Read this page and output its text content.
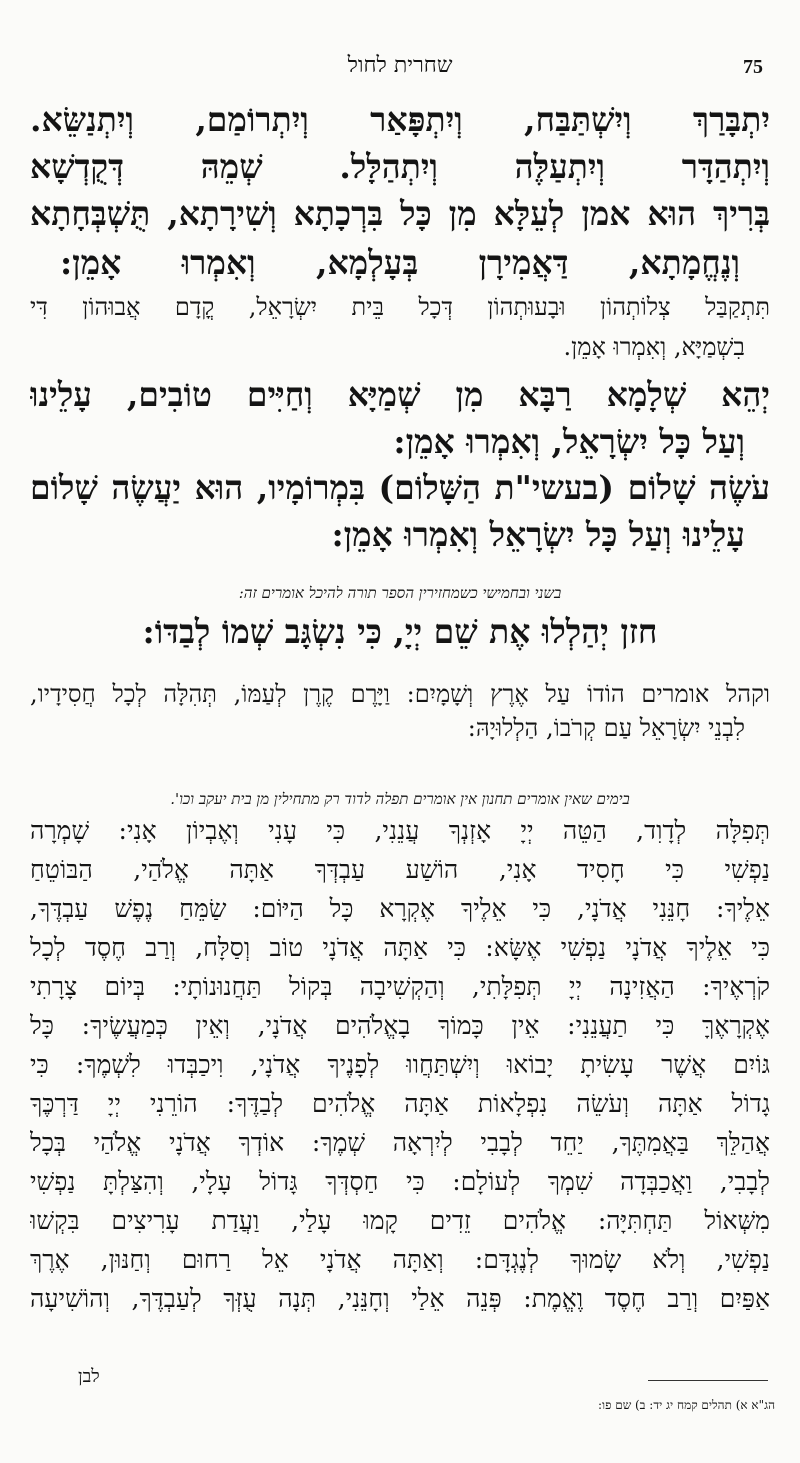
75
שחרית לחול
יִתְבָּרַךְ וְיִשְׁתַּבַּח, וְיִתְפָּאַר וְיִתְרוֹמַם, וְיִתְנַשֵּׂא.
וְיִתְהַדָּר וְיִתְעַלֶּה וְיִתְהַלָּל. שְׁמֵהּ דְּקֻדְשָׁא
בְּרִיךְ הוּא אמן לְעֵלָּא מִן כָּל בִּרְכָתָא וְשִׁירָתָא, תֻּשְׁבְּחָתָא
וְנֶחֱמָתָא, דַּאֲמִירָן בְּעָלְמָא, וְאִמְרוּ אָמֵן:
תִּתְקַבַּל צְלוֹתְהוֹן וּבָעוּתְהוֹן דְּכָל בֵּית יִשְׂרָאֵל, קֳדָם אֲבוּהוֹן דִּי
בִשְׁמַיָּא, וְאִמְרוּ אָמֵן.
יְהֵא שְׁלָמָא רַבָּא מִן שְׁמַיָּא וְחַיִּים טוֹבִים, עָלֵינוּ
וְעַל כָּל יִשְׂרָאֵל, וְאִמְרוּ אָמֵן:
עֹשֶׂה שָׁלוֹם (בעשי"ת הַשָּׁלוֹם) בִּמְרוֹמָיו, הוּא יַעֲשֶׂה שָׁלוֹם
עָלֵינוּ וְעַל כָּל יִשְׂרָאֵל וְאִמְרוּ אָמֵן:
בשני ובחמישי כשמחזירין הספר תורה להיכל אומרים זה:
חזן יְהַלְלוּ אֶת שֵׁם יְיָ, כִּי נִשְׂגָּב שְׁמוֹ לְבַדּוֹ:
וקהל אומרים הוֹדוֹ עַל אֶרֶץ וְשָׁמָיִם: וַיָּרֶם קֶרֶן לְעַמּוֹ, תְּהִלָּה לְכָל חֲסִידָיו,
לִבְנֵי יִשְׂרָאֵל עַם קְרֹבוֹ, הַלְלוּיָהּ:
בימים שאין אומרים תחנון אין אומרים תפלה לדוד רק מתחילין מן בית יעקב וכו'.
תְּפִלָּה לְדָוִד, הַטֵּה יְיָ אָזְנְךָ עֲנֵנִי, כִּי עָנִי וְאֶבְיוֹן אָנִי: שָׁמְרָה
נַפְשִׁי כִּי חָסִיד אָנִי, הוֹשַׁע עַבְדְּךָ אַתָּה אֱלֹהַי, הַבּוֹטֵחַ
אֵלֶיךָ: חָנֵּנִי אֲדֹנָי, כִּי אֵלֶיךָ אֶקְרָא כָּל הַיּוֹם: שַׂמֵּחַ נֶפֶשׁ עַבְדֶּךָ,
כִּי אֵלֶיךָ אֲדֹנָי נַפְשִׁי אֶשָּׂא: כִּי אַתָּה אֲדֹנָי טוֹב וְסַלָּח, וְרַב חֶסֶד לְכָל
קֹרְאֶיךָ: הַאֲזִינָה יְיָ תְּפִלָּתִי, וְהַקְשִׁיבָה בְּקוֹל תַּחֲנוּנוֹתָי: בְּיוֹם צָרָתִי
אֶקְרָאֶךָּ כִּי תַעֲנֵנִי: אֵין כָּמוֹךָ בָאֱלֹהִים אֲדֹנָי, וְאֵין כְּמַעֲשֶׂיךָ: כָּל
גּוֹיִם אֲשֶׁר עָשִׂיתָ יָבוֹאוּ וְיִשְׁתַּחֲווּ לְפָנֶיךָ אֲדֹנָי, וִיכַבְּדוּ לִשְׁמֶךָ: כִּי
גָדוֹל אַתָּה וְעֹשֵׂה נִפְלָאוֹת אַתָּה אֱלֹהִים לְבַדֶּךָ: הוֹרֵנִי יְיָ דַּרְכֶּךָ
אֲהַלֵּךְ בַּאֲמִתֶּךָ, יַחֵד לְבָבִי לְיִרְאָה שְׁמֶךָ: אוֹדְךָ אֲדֹנָי אֱלֹהַי בְּכָל
לְבָבִי, וַאֲכַבְּדָה שִׁמְךָ לְעוֹלָם: כִּי חַסְדְּךָ גָּדוֹל עָלָי, וְהִצַּלְתָּ נַפְשִׁי
מִשְּׁאוֹל תַּחְתִּיָּה: אֱלֹהִים זֵדִים קָמוּ עָלַי, וַעֲדַת עָרִיצִים בִּקְשׁוּ
נַפְשִׁי, וְלֹא שָׂמוּךָ לְנֶגְדָּם: וְאַתָּה אֲדֹנָי אֵל רַחוּם וְחַנּוּן, אֶרֶךְ
אַפַּיִם וְרַב חֶסֶד וֶאֱמֶת: פְּנֵה אֵלַי וְחָנֵּנִי, תְּנָה עֻזְּךָ לְעַבְדֶּךָ, וְהוֹשִׁיעָה
לבן
הג"א א) תהלים קמח יג יד: ב) שם פו:
